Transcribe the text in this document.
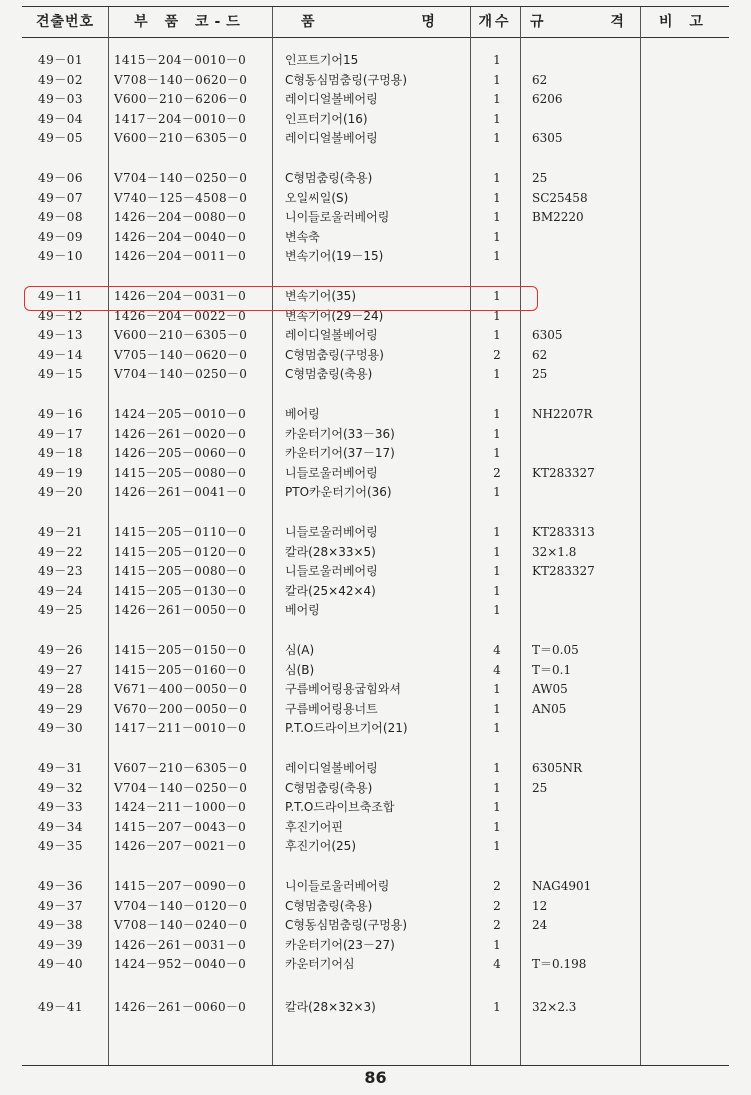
견출번호	부 품 코-드	품 명	개수	규 격	비 고
49－01	1415－204－0010－0	인프트기어15	1
49－02	V708－140－0620－0	C형동심멈춤링(구멍용)	1	62
49－03	V600－210－6206－0	레이디얼볼베어링	1	6206
49－04	1417－204－0010－0	인프터기어(16)	1
49－05	V600－210－6305－0	레이디얼볼베어링	1	6305
49－06	V704－140－0250－0	C형멈춤링(축용)	1	25
49－07	V740－125－4508－0	오일씨일(S)	1	SC25458
49－08	1426－204－0080－0	니이들로울러베어링	1	BM2220
49－09	1426－204－0040－0	변속축	1
49－10	1426－204－0011－0	변속기어(19－15)	1
49－11	1426－204－0031－0	변속기어(35)	1
49－12	1426－204－0022－0	변속기어(29－24)	1
49－13	V600－210－6305－0	레이디얼볼베어링	1	6305
49－14	V705－140－0620－0	C형멈춤링(구멍용)	2	62
49－15	V704－140－0250－0	C형멈춤링(축용)	1	25
49－16	1424－205－0010－0	베어링	1	NH2207R
49－17	1426－261－0020－0	카운터기어(33－36)	1
49－18	1426－205－0060－0	카운터기어(37－17)	1
49－19	1415－205－0080－0	니들로울러베어링	2	KT283327
49－20	1426－261－0041－0	PTO카운터기어(36)	1
49－21	1415－205－0110－0	니들로울러베어링	1	KT283313
49－22	1415－205－0120－0	칼라(28×33×5)	1	32×1.8
49－23	1415－205－0080－0	니들로울러베어링	1	KT283327
49－24	1415－205－0130－0	칼라(25×42×4)	1
49－25	1426－261－0050－0	베어링	1
49－26	1415－205－0150－0	심(A)	4	T＝0.05
49－27	1415－205－0160－0	심(B)	4	T＝0.1
49－28	V671－400－0050－0	구름베어링용굽힘와셔	1	AW05
49－29	V670－200－0050－0	구름베어링용너트	1	AN05
49－30	1417－211－0010－0	P.T.O드라이브기어(21)	1
49－31	V607－210－6305－0	레이디얼볼베어링	1	6305NR
49－32	V704－140－0250－0	C형멈춤링(축용)	1	25
49－33	1424－211－1000－0	P.T.O드라이브축조합	1
49－34	1415－207－0043－0	후진기어핀	1
49－35	1426－207－0021－0	후진기어(25)	1
49－36	1415－207－0090－0	니이들로울러베어링	2	NAG4901
49－37	V704－140－0120－0	C형멈춤링(축용)	2	12
49－38	V708－140－0240－0	C형동심멈춤링(구멍용)	2	24
49－39	1426－261－0031－0	카운터기어(23－27)	1
49－40	1424－952－0040－0	카운터기어심	4	T＝0.198
49－41	1426－261－0060－0	칼라(28×32×3)	1	32×2.3
86
